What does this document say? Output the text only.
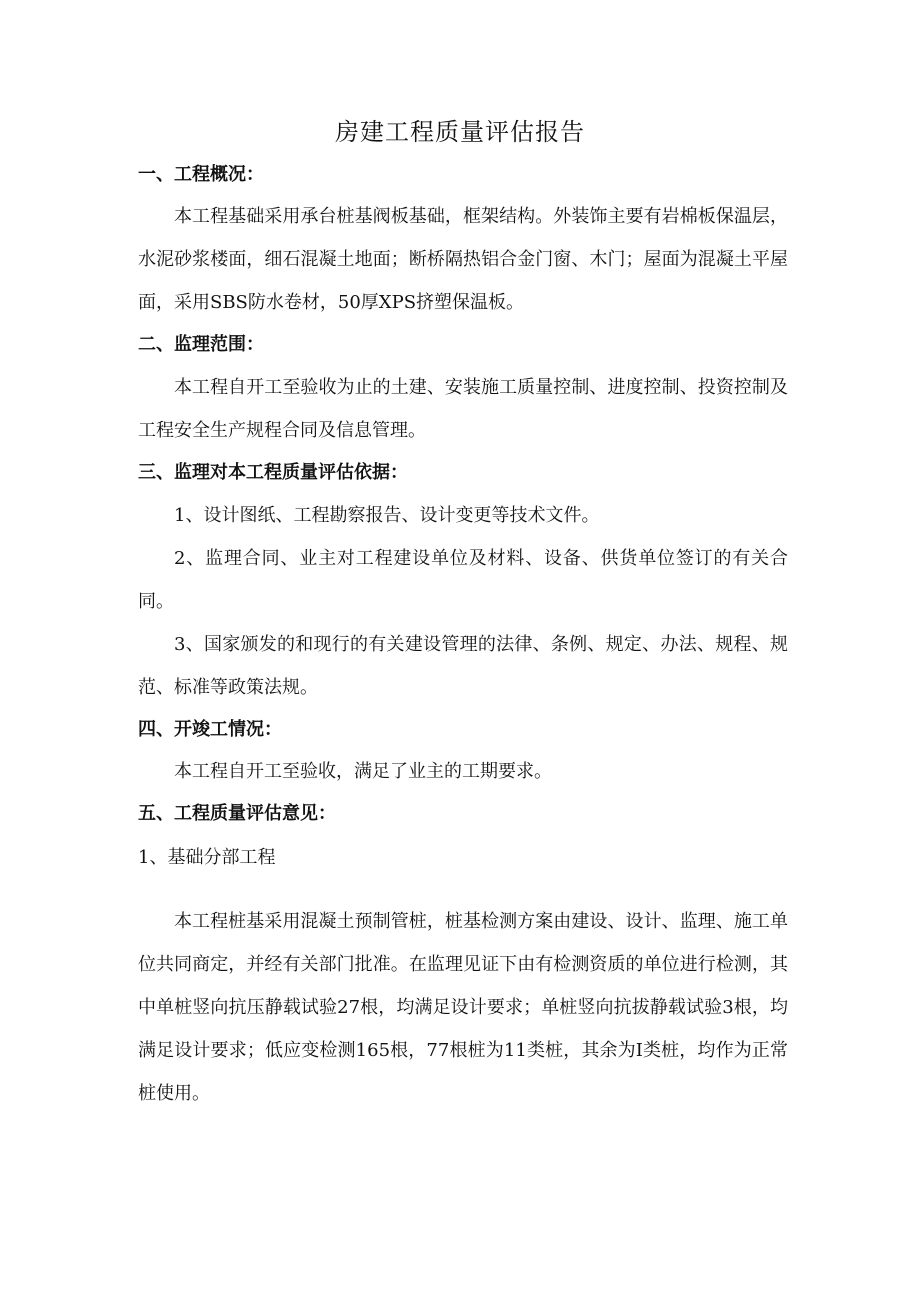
房建工程质量评估报告
一、工程概况：

本工程基础采用承台桩基阀板基础，框架结构。外装饰主要有岩棉板保温层，水泥砂浆楼面，细石混凝土地面；断桥隔热铝合金门窗、木门；屋面为混凝土平屋面，采用SBS防水卷材，50厚XPS挤塑保温板。

二、监理范围：

本工程自开工至验收为止的土建、安装施工质量控制、进度控制、投资控制及工程安全生产规程合同及信息管理。

三、监理对本工程质量评估依据：

1、设计图纸、工程勘察报告、设计变更等技术文件。

2、监理合同、业主对工程建设单位及材料、设备、供货单位签订的有关合同。

3、国家颁发的和现行的有关建设管理的法律、条例、规定、办法、规程、规范、标准等政策法规。

四、开竣工情况：

本工程自开工至验收，满足了业主的工期要求。

五、工程质量评估意见：
1、基础分部工程

本工程桩基采用混凝土预制管桩，桩基检测方案由建设、设计、监理、施工单位共同商定，并经有关部门批准。在监理见证下由有检测资质的单位进行检测，其中单桩竖向抗压静载试验27根，均满足设计要求；单桩竖向抗拔静载试验3根，均满足设计要求；低应变检测165根，77根桩为11类桩，其余为I类桩，均作为正常桩使用。
